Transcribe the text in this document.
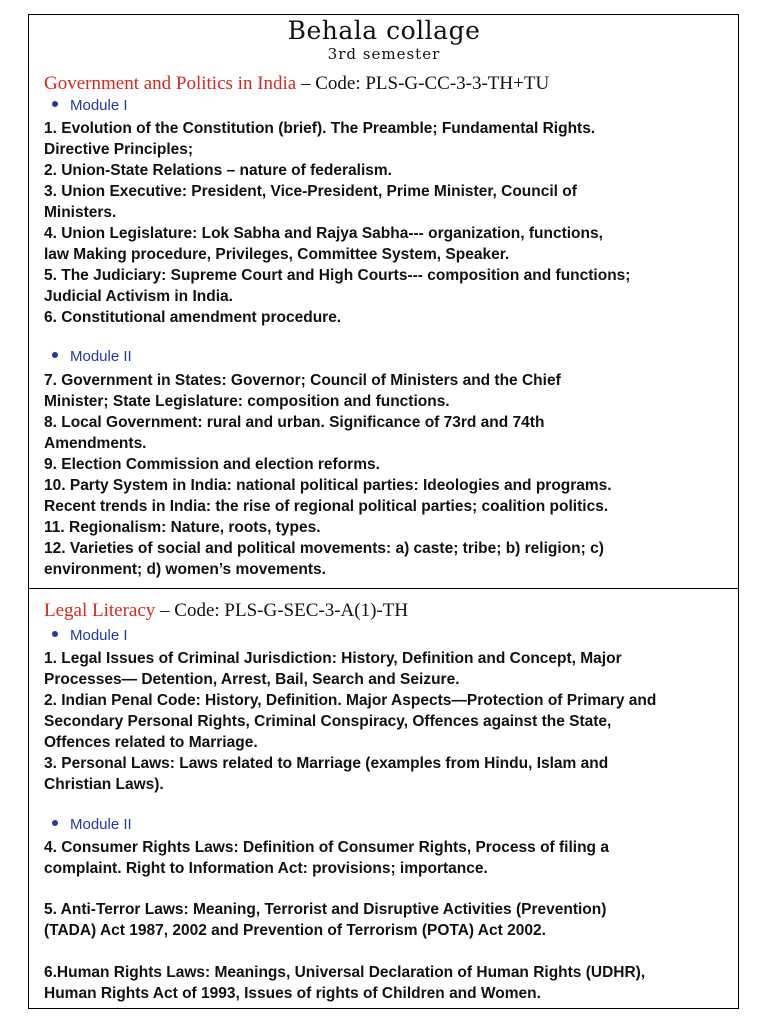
Behala collage
3rd semester
Government and Politics in India – Code: PLS-G-CC-3-3-TH+TU
Module I
1. Evolution of the Constitution (brief). The Preamble; Fundamental Rights.
Directive Principles;
2. Union-State Relations – nature of federalism.
3. Union Executive: President, Vice-President, Prime Minister, Council of
Ministers.
4. Union Legislature: Lok Sabha and Rajya Sabha--- organization, functions,
law Making procedure, Privileges, Committee System, Speaker.
5. The Judiciary: Supreme Court and High Courts--- composition and functions;
Judicial Activism in India.
6. Constitutional amendment procedure.
Module II
7. Government in States: Governor; Council of Ministers and the Chief
Minister; State Legislature: composition and functions.
8. Local Government: rural and urban. Significance of 73rd and 74th
Amendments.
9. Election Commission and election reforms.
10. Party System in India: national political parties: Ideologies and programs.
Recent trends in India: the rise of regional political parties; coalition politics.
11. Regionalism: Nature, roots, types.
12. Varieties of social and political movements: a) caste; tribe; b) religion; c)
environment; d) women’s movements.
Legal Literacy – Code: PLS-G-SEC-3-A(1)-TH
Module I
1. Legal Issues of Criminal Jurisdiction: History, Definition and Concept, Major
Processes— Detention, Arrest, Bail, Search and Seizure.
2. Indian Penal Code: History, Definition. Major Aspects—Protection of Primary and
Secondary Personal Rights, Criminal Conspiracy, Offences against the State,
Offences related to Marriage.
3. Personal Laws: Laws related to Marriage (examples from Hindu, Islam and
Christian Laws).
Module II
4. Consumer Rights Laws: Definition of Consumer Rights, Process of filing a
complaint. Right to Information Act: provisions; importance.
5. Anti-Terror Laws: Meaning, Terrorist and Disruptive Activities (Prevention)
(TADA) Act 1987, 2002 and Prevention of Terrorism (POTA) Act 2002.
6.Human Rights Laws: Meanings, Universal Declaration of Human Rights (UDHR),
Human Rights Act of 1993, Issues of rights of Children and Women.
